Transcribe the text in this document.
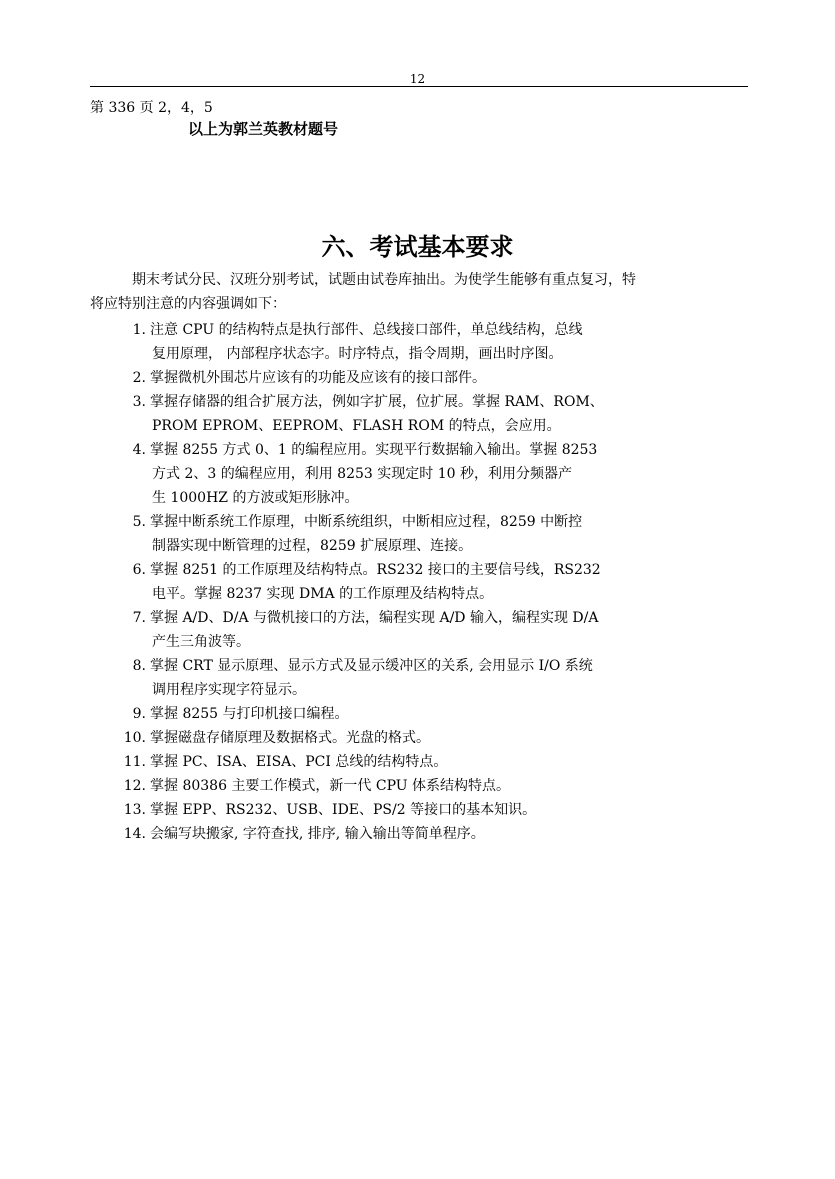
12
第 336 页 2，4，5
以上为郭兰英教材题号
六、考试基本要求
期末考试分民、汉班分别考试，试题由试卷库抽出。为使学生能够有重点复习，特
将应特别注意的内容强调如下：
1. 注意 CPU 的结构特点是执行部件、总线接口部件，单总线结构，总线
复用原理， 内部程序状态字。时序特点，指令周期，画出时序图。
2. 掌握微机外围芯片应该有的功能及应该有的接口部件。
3. 掌握存储器的组合扩展方法，例如字扩展，位扩展。掌握 RAM、ROM、
PROM EPROM、EEPROM、FLASH ROM 的特点，会应用。
4. 掌握 8255 方式 0、1 的编程应用。实现平行数据输入输出。掌握 8253
方式 2、3 的编程应用，利用 8253 实现定时 10 秒，利用分频器产
生 1000HZ 的方波或矩形脉冲。
5. 掌握中断系统工作原理，中断系统组织，中断相应过程，8259 中断控
制器实现中断管理的过程，8259 扩展原理、连接。
6. 掌握 8251 的工作原理及结构特点。RS232 接口的主要信号线，RS232
电平。掌握 8237 实现 DMA 的工作原理及结构特点。
7. 掌握 A/D、D/A 与微机接口的方法，编程实现 A/D 输入，编程实现 D/A
产生三角波等。
8. 掌握 CRT 显示原理、显示方式及显示缓冲区的关系, 会用显示 I/O 系统
调用程序实现字符显示。
9. 掌握 8255 与打印机接口编程。
10. 掌握磁盘存储原理及数据格式。光盘的格式。
11. 掌握 PC、ISA、EISA、PCI 总线的结构特点。
12. 掌握 80386 主要工作模式，新一代 CPU 体系结构特点。
13. 掌握 EPP、RS232、USB、IDE、PS/2 等接口的基本知识。
14. 会编写块搬家, 字符查找, 排序, 输入输出等简单程序。
